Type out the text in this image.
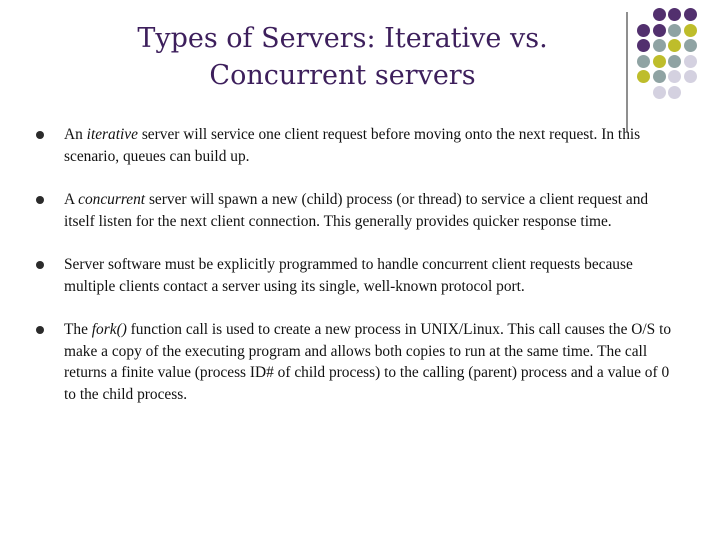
Types of Servers: Iterative vs.
Concurrent servers
An iterative server will service one client request before moving onto the next request. In this scenario, queues can build up.
A concurrent server will spawn a new (child) process (or thread) to service a client request and itself listen for the next client connection. This generally provides quicker response time.
Server software must be explicitly programmed to handle concurrent client requests because multiple clients contact a server using its single, well-known protocol port.
The fork() function call is used to create a new process in UNIX/Linux. This call causes the O/S to make a copy of the executing program and allows both copies to run at the same time. The call returns a finite value (process ID# of child process) to the calling (parent) process and a value of 0 to the child process.
